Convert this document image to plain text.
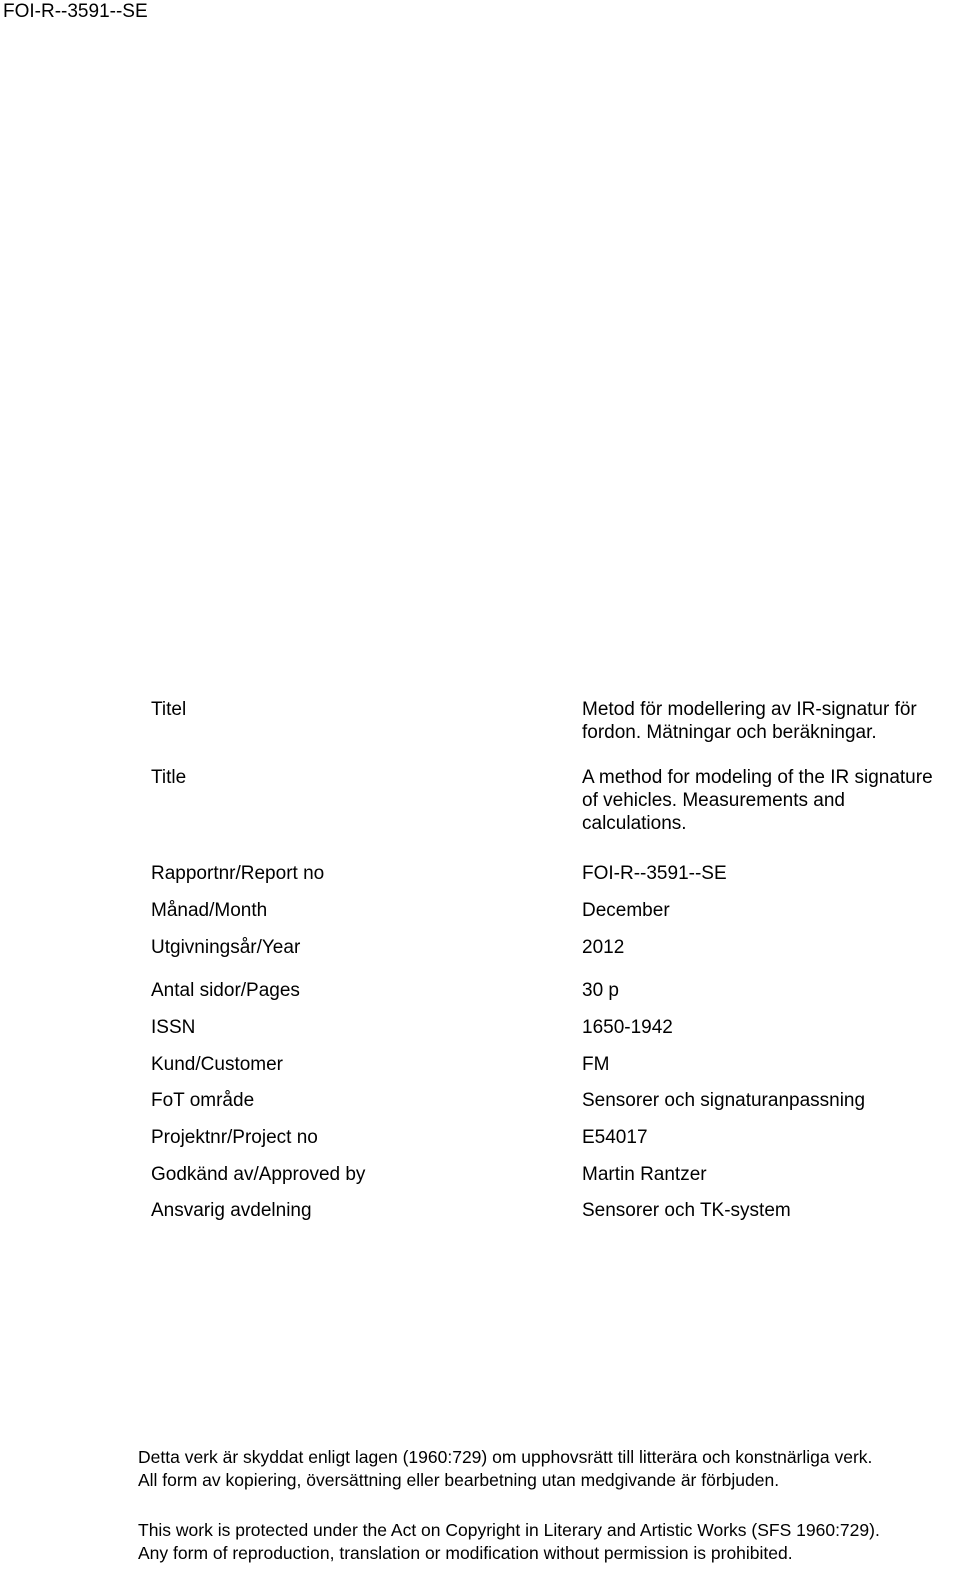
FOI-R--3591--SE
Titel	Metod för modellering av IR-signatur för
fordon. Mätningar och beräkningar.
Title	A method for modeling of the IR signature
of vehicles. Measurements and
calculations.
Rapportnr/Report no	FOI-R--3591--SE
Månad/Month	December
Utgivningsår/Year	2012
Antal sidor/Pages	30 p
ISSN	1650-1942
Kund/Customer	FM
FoT område	Sensorer och signaturanpassning
Projektnr/Project no	E54017
Godkänd av/Approved by	Martin Rantzer
Ansvarig avdelning	Sensorer och TK-system

Detta verk är skyddat enligt lagen (1960:729) om upphovsrätt till litterära och konstnärliga verk.

All form av kopiering, översättning eller bearbetning utan medgivande är förbjuden.

This work is protected under the Act on Copyright in Literary and Artistic Works (SFS 1960:729).

Any form of reproduction, translation or modification without permission is prohibited.
